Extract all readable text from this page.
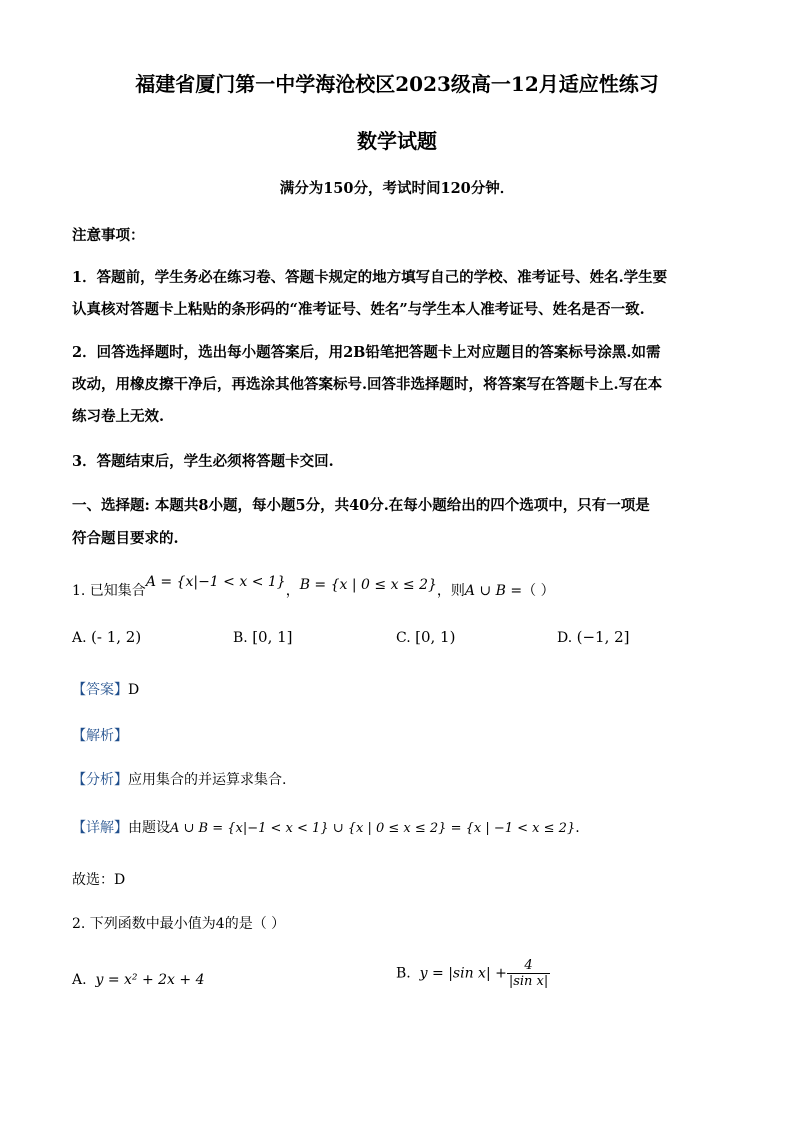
福建省厦门第一中学海沧校区2023级高一12月适应性练习
数学试题
满分为150分，考试时间120分钟．
注意事项：
1．答题前，学生务必在练习卷、答题卡规定的地方填写自己的学校、准考证号、姓名.学生要
认真核对答题卡上粘贴的条形码的“准考证号、姓名”与学生本人准考证号、姓名是否一致.
2．回答选择题时，选出每小题答案后，用2B铅笔把答题卡上对应题目的答案标号涂黑.如需
改动，用橡皮擦干净后，再选涂其他答案标号.回答非选择题时，将答案写在答题卡上.写在本
练习卷上无效.
3．答题结束后，学生必须将答题卡交回.
一、选择题: 本题共8小题，每小题5分，共40分.在每小题给出的四个选项中，只有一项是
符合题目要求的.
1. 已知集合A = {x|−1 < x < 1}，B = {x | 0 ≤ x ≤ 2}，则A ∪ B =（ ）
A. (- 1, 2)	B. [0, 1]	C. [0, 1)	D. (−1, 2]
【答案】D
【解析】
【分析】应用集合的并运算求集合.
【详解】由题设A ∪ B = {x|−1 < x < 1} ∪ {x | 0 ≤ x ≤ 2} = {x | −1 < x ≤ 2}.
故选：D
2. 下列函数中最小值为4的是（ ）
A. y = x² + 2x + 4	B. y = |sin $x| + \frac{4}{\text{|sin x|}}$
